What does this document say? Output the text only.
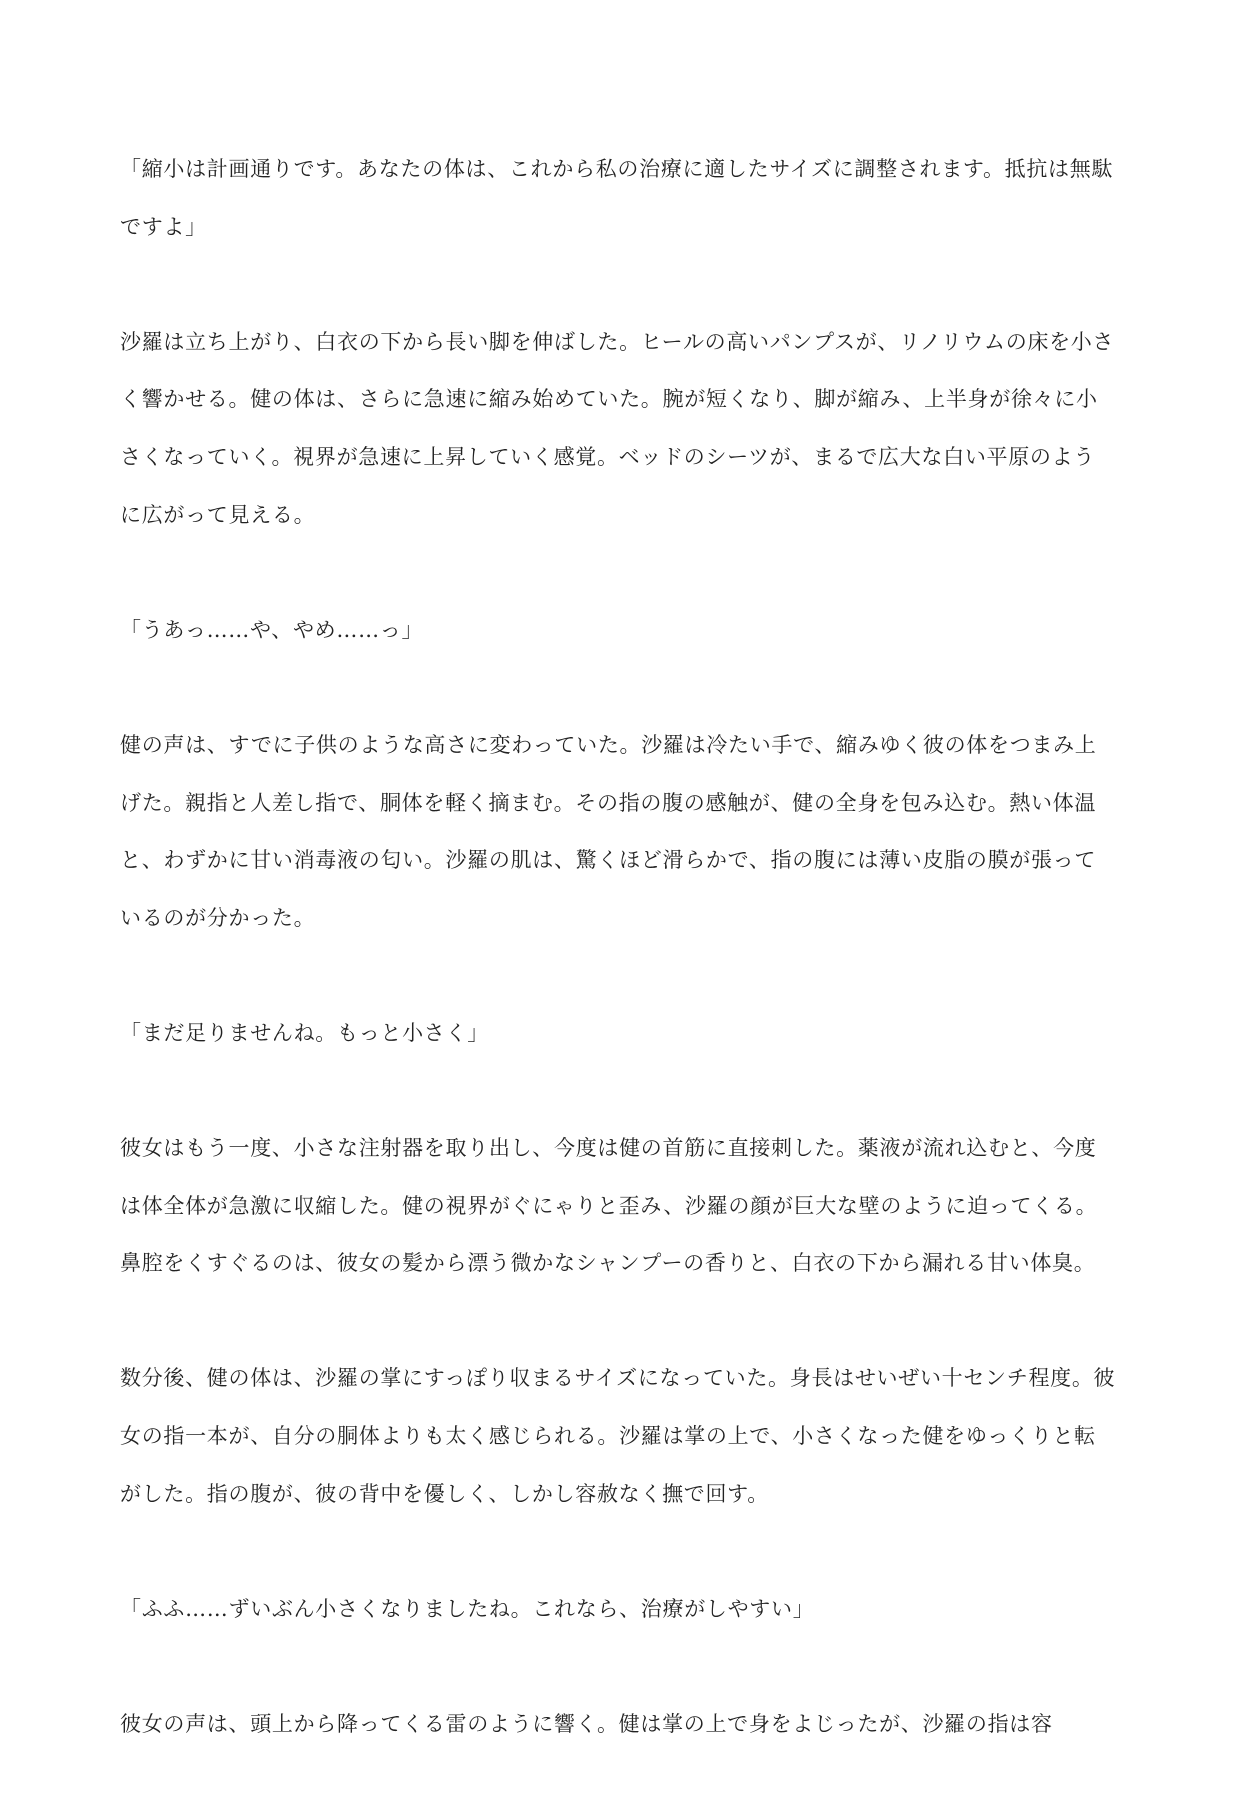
「縮小は計画通りです。あなたの体は、これから私の治療に適したサイズに調整されます。抵抗は無駄ですよ」

沙羅は立ち上がり、白衣の下から長い脚を伸ばした。ヒールの高いパンプスが、リノリウムの床を小さく響かせる。健の体は、さらに急速に縮み始めていた。腕が短くなり、脚が縮み、上半身が徐々に小さくなっていく。視界が急速に上昇していく感覚。ベッドのシーツが、まるで広大な白い平原のように広がって見える。

「うあっ……や、やめ……っ」

健の声は、すでに子供のような高さに変わっていた。沙羅は冷たい手で、縮みゆく彼の体をつまみ上げた。親指と人差し指で、胴体を軽く摘まむ。その指の腹の感触が、健の全身を包み込む。熱い体温と、わずかに甘い消毒液の匂い。沙羅の肌は、驚くほど滑らかで、指の腹には薄い皮脂の膜が張っているのが分かった。

「まだ足りませんね。もっと小さく」

彼女はもう一度、小さな注射器を取り出し、今度は健の首筋に直接刺した。薬液が流れ込むと、今度は体全体が急激に収縮した。健の視界がぐにゃりと歪み、沙羅の顔が巨大な壁のように迫ってくる。鼻腔をくすぐるのは、彼女の髪から漂う微かなシャンプーの香りと、白衣の下から漏れる甘い体臭。

数分後、健の体は、沙羅の掌にすっぽり収まるサイズになっていた。身長はせいぜい十センチ程度。彼女の指一本が、自分の胴体よりも太く感じられる。沙羅は掌の上で、小さくなった健をゆっくりと転がした。指の腹が、彼の背中を優しく、しかし容赦なく撫で回す。

「ふふ……ずいぶん小さくなりましたね。これなら、治療がしやすい」

彼女の声は、頭上から降ってくる雷のように響く。健は掌の上で身をよじったが、沙羅の指は容
